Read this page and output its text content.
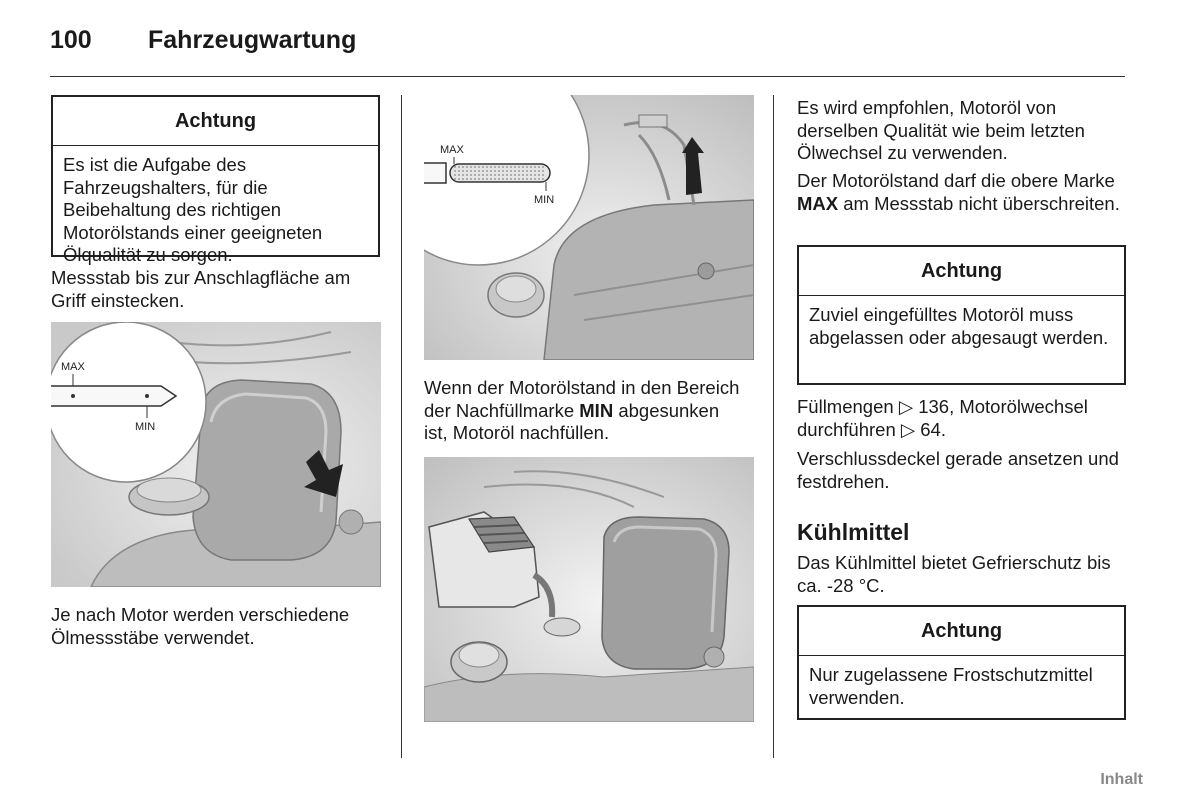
100 Fahrzeugwartung
Achtung
Es ist die Aufgabe des Fahrzeugshalters, für die Beibehaltung des richtigen Motorölstands einer geeigneten Ölqualität zu sorgen.
Messstab bis zur Anschlagfläche am Griff einstecken.
MAX
MIN
Je nach Motor werden verschiedene Ölmessstäbe verwendet.
MAX
MIN
Wenn der Motorölstand in den Bereich der Nachfüllmarke MIN abgesunken ist, Motoröl nachfüllen.
Es wird empfohlen, Motoröl von derselben Qualität wie beim letzten Ölwechsel zu verwenden.
Der Motorölstand darf die obere Marke MAX am Messstab nicht überschreiten.
Achtung
Zuviel eingefülltes Motoröl muss abgelassen oder abgesaugt werden.
Füllmengen ▷ 136, Motorölwechsel durchführen ▷ 64.
Verschlussdeckel gerade ansetzen und festdrehen.
Kühlmittel
Das Kühlmittel bietet Gefrierschutz bis ca. -28 °C.
Achtung
Nur zugelassene Frostschutzmittel verwenden.
Inhalt
